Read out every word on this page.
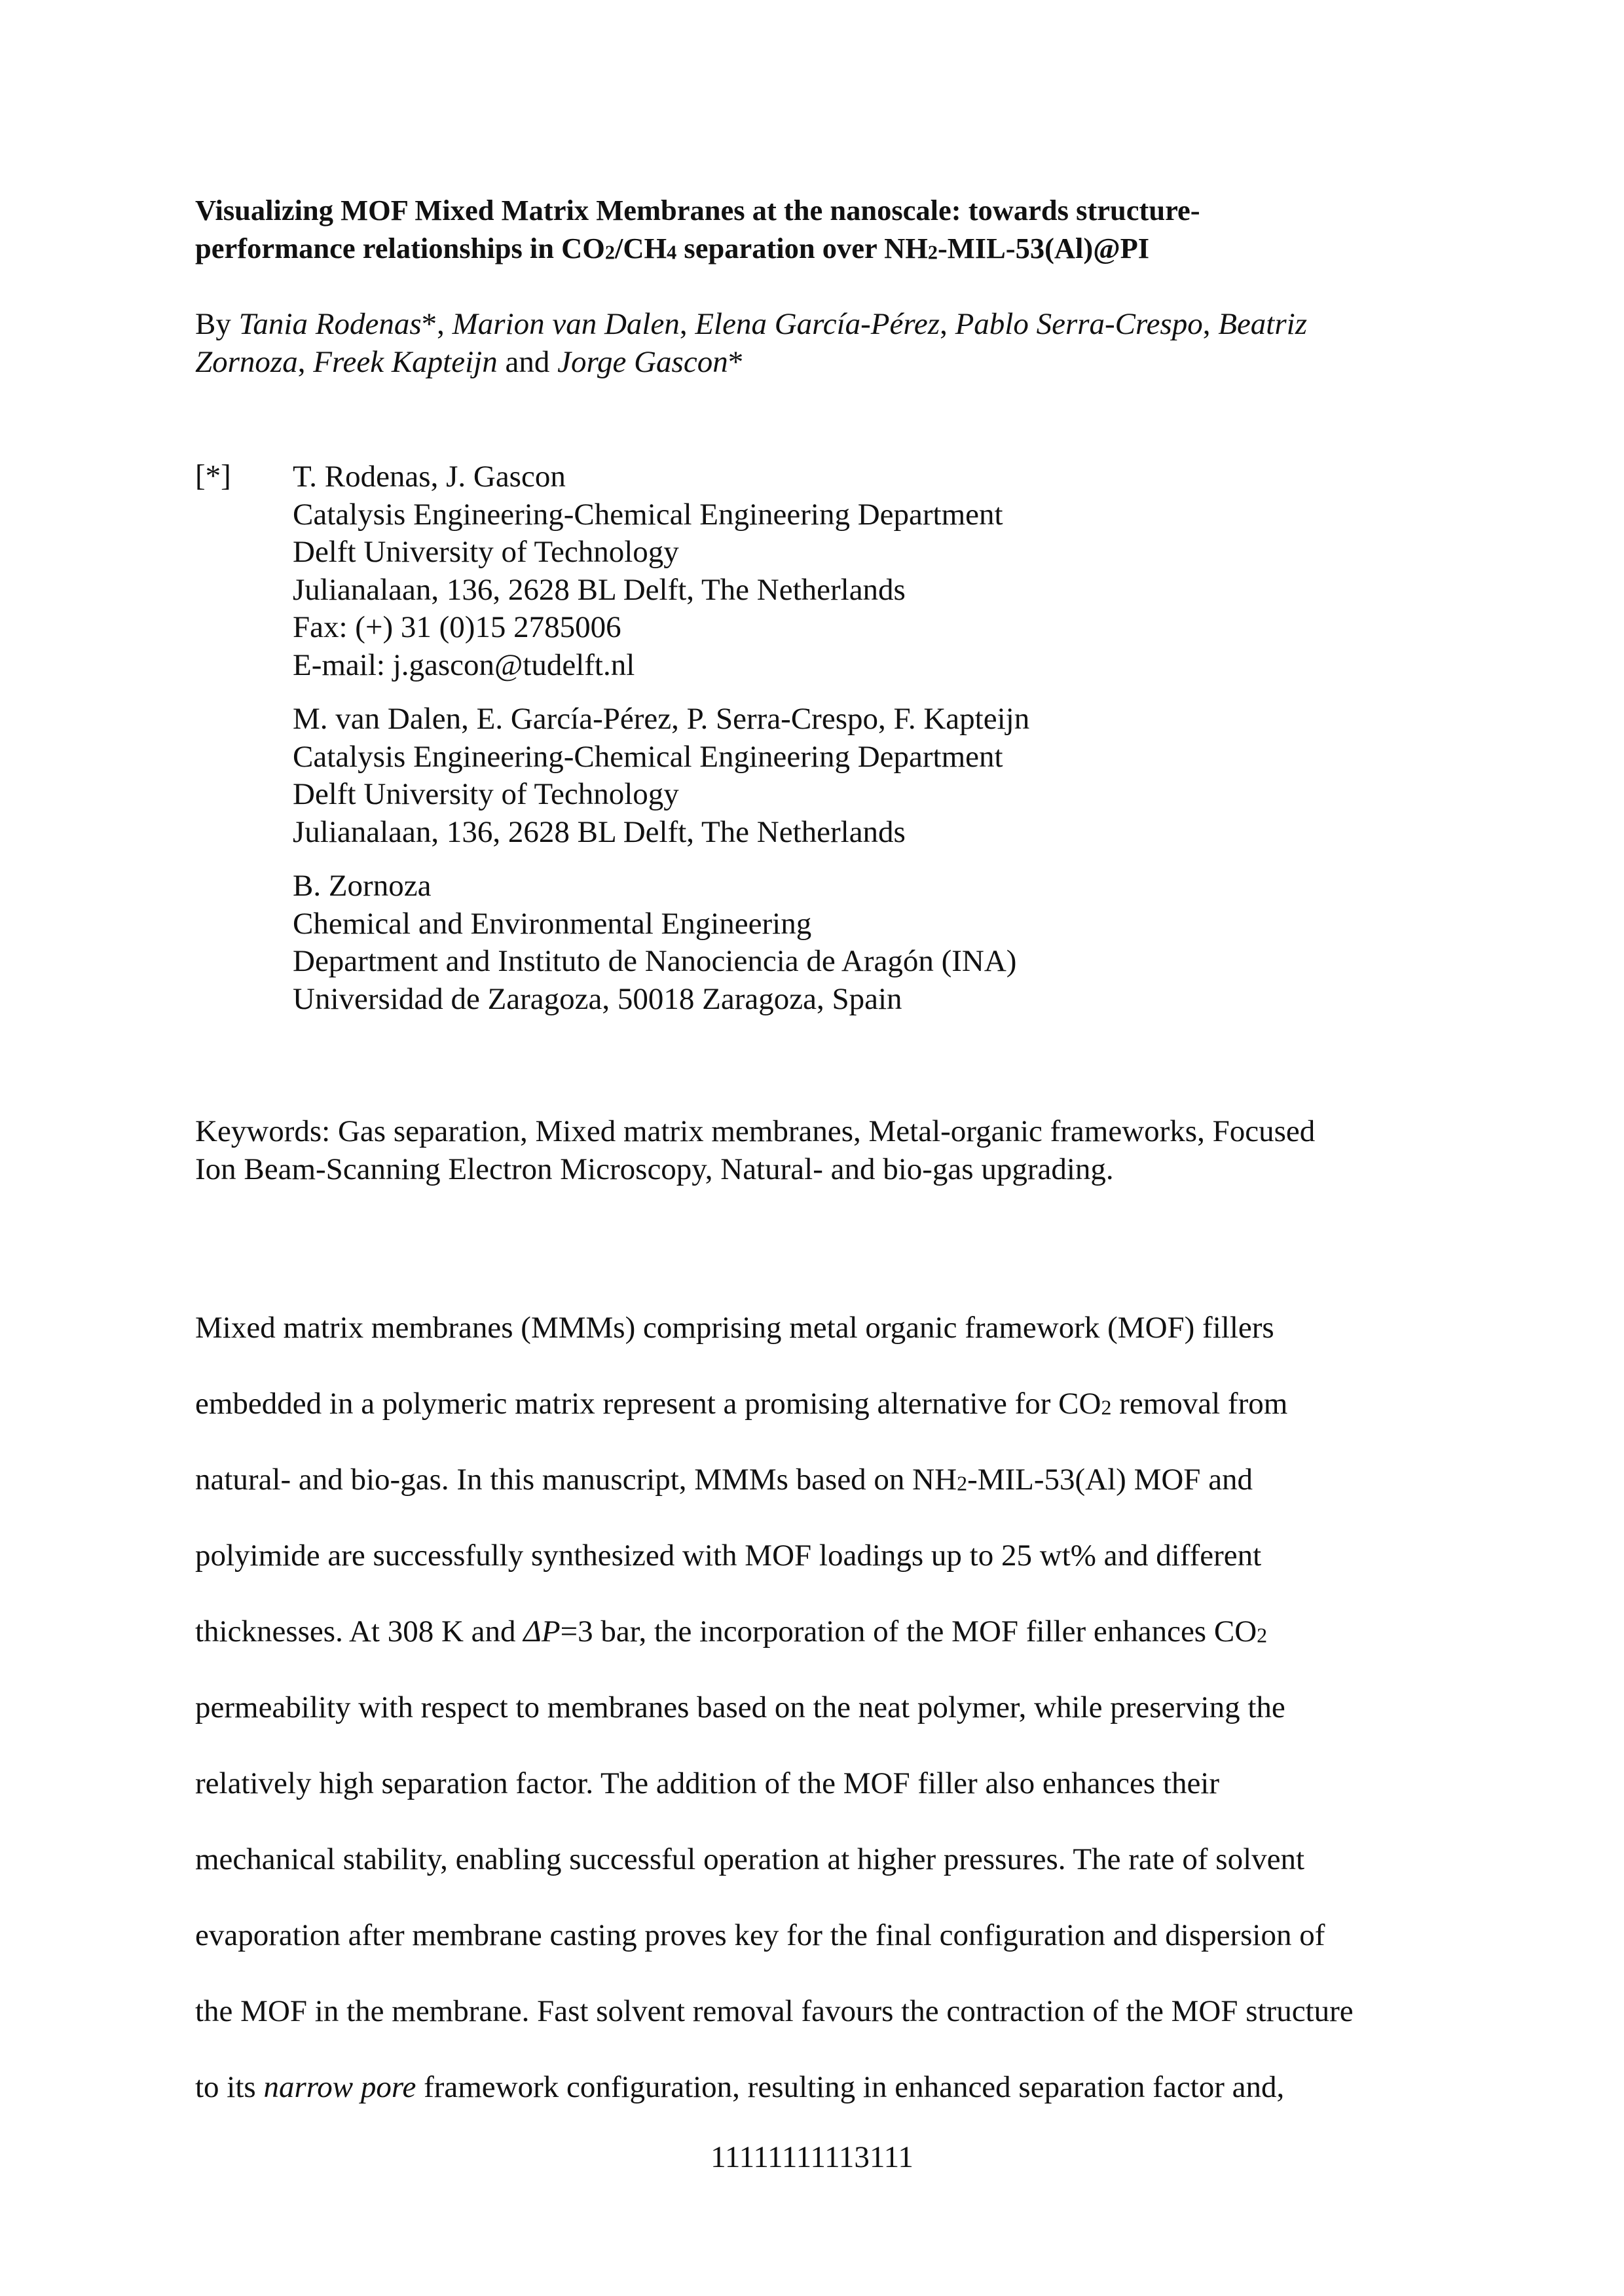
Visualizing MOF Mixed Matrix Membranes at the nanoscale: towards structure-
performance relationships in $CO_2/CH_4$ separation over $NH_2-MIL-53(Al)@PI$
By Tania Rodenas*, Marion van Dalen, Elena García-Pérez, Pablo Serra-Crespo, Beatriz
Zornoza, Freek Kapteijn and Jorge Gascon*
[*] T. Rodenas, J. Gascon
Catalysis Engineering-Chemical Engineering Department
Delft University of Technology
Julianalaan, 136, 2628 BL Delft, The Netherlands
Fax: (+) 31 (0)15 2785006
E-mail: j.gascon@tudelft.nl
M. van Dalen, E. García-Pérez, P. Serra-Crespo, F. Kapteijn
Catalysis Engineering-Chemical Engineering Department
Delft University of Technology
Julianalaan, 136, 2628 BL Delft, The Netherlands
B. Zornoza
Chemical and Environmental Engineering
Department and Instituto de Nanociencia de Aragón (INA)
Universidad de Zaragoza, 50018 Zaragoza, Spain
Keywords: Gas separation, Mixed matrix membranes, Metal-organic frameworks, Focused
Ion Beam-Scanning Electron Microscopy, Natural- and bio-gas upgrading.
Mixed matrix membranes (MMMs) comprising metal organic framework (MOF) fillers
embedded in a polymeric matrix represent a promising alternative for $CO_2$ removal from
natural- and bio-gas. In this manuscript, MMMs based on $NH_2-MIL-53(Al)$ MOF and
polyimide are successfully synthesized with MOF loadings up to 25 wt% and different
thicknesses. At 308 K and ΔP=3 bar, the incorporation of the MOF filler enhances $CO_2$
permeability with respect to membranes based on the neat polymer, while preserving the
relatively high separation factor. The addition of the MOF filler also enhances their
mechanical stability, enabling successful operation at higher pressures. The rate of solvent
evaporation after membrane casting proves key for the final configuration and dispersion of
the MOF in the membrane. Fast solvent removal favours the contraction of the MOF structure
to its narrow pore framework configuration, resulting in enhanced separation factor and,
11111111113111
